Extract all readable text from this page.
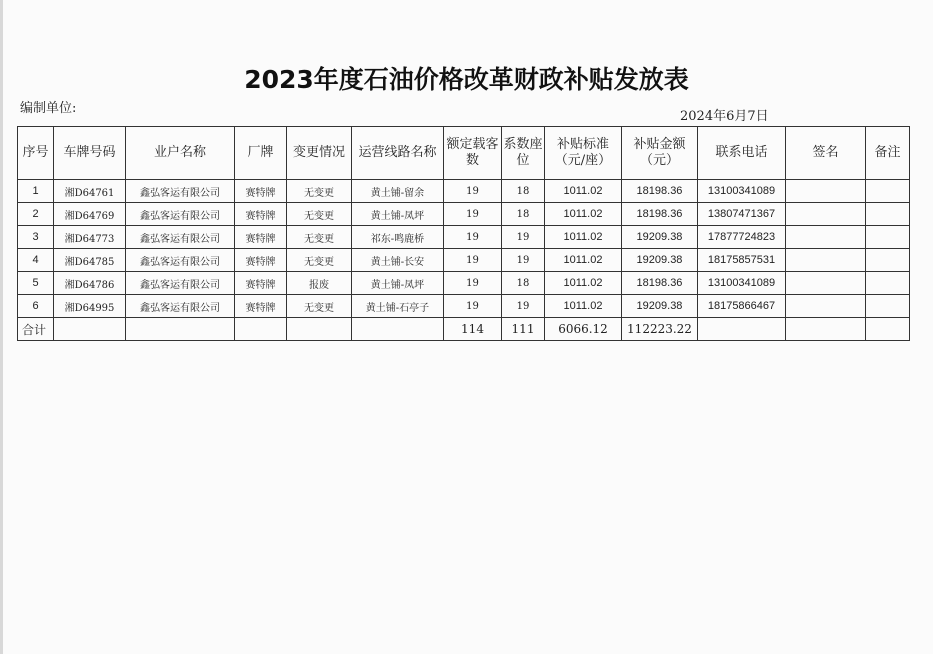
2023年度石油价格改革财政补贴发放表
编制单位:
2024年6月7日
序号	车牌号码	业户名称	厂牌	变更情况	运营线路名称	额定载客数	系数座位	补贴标准（元/座）	补贴金额（元）	联系电话	签名	备注
1	湘D64761	鑫弘客运有限公司	赛特牌	无变更	黄土铺-留余	19	18	1011.02	18198.36	13100341089		
2	湘D64769	鑫弘客运有限公司	赛特牌	无变更	黄土铺-凤坪	19	18	1011.02	18198.36	13807471367		
3	湘D64773	鑫弘客运有限公司	赛特牌	无变更	祁东-鸣鹿桥	19	19	1011.02	19209.38	17877724823		
4	湘D64785	鑫弘客运有限公司	赛特牌	无变更	黄土铺-长安	19	19	1011.02	19209.38	18175857531		
5	湘D64786	鑫弘客运有限公司	赛特牌	报废	黄土铺-凤坪	19	18	1011.02	18198.36	13100341089		
6	湘D64995	鑫弘客运有限公司	赛特牌	无变更	黄土铺-石亭子	19	19	1011.02	19209.38	18175866467		
合计						114	111	6066.12	112223.22			
